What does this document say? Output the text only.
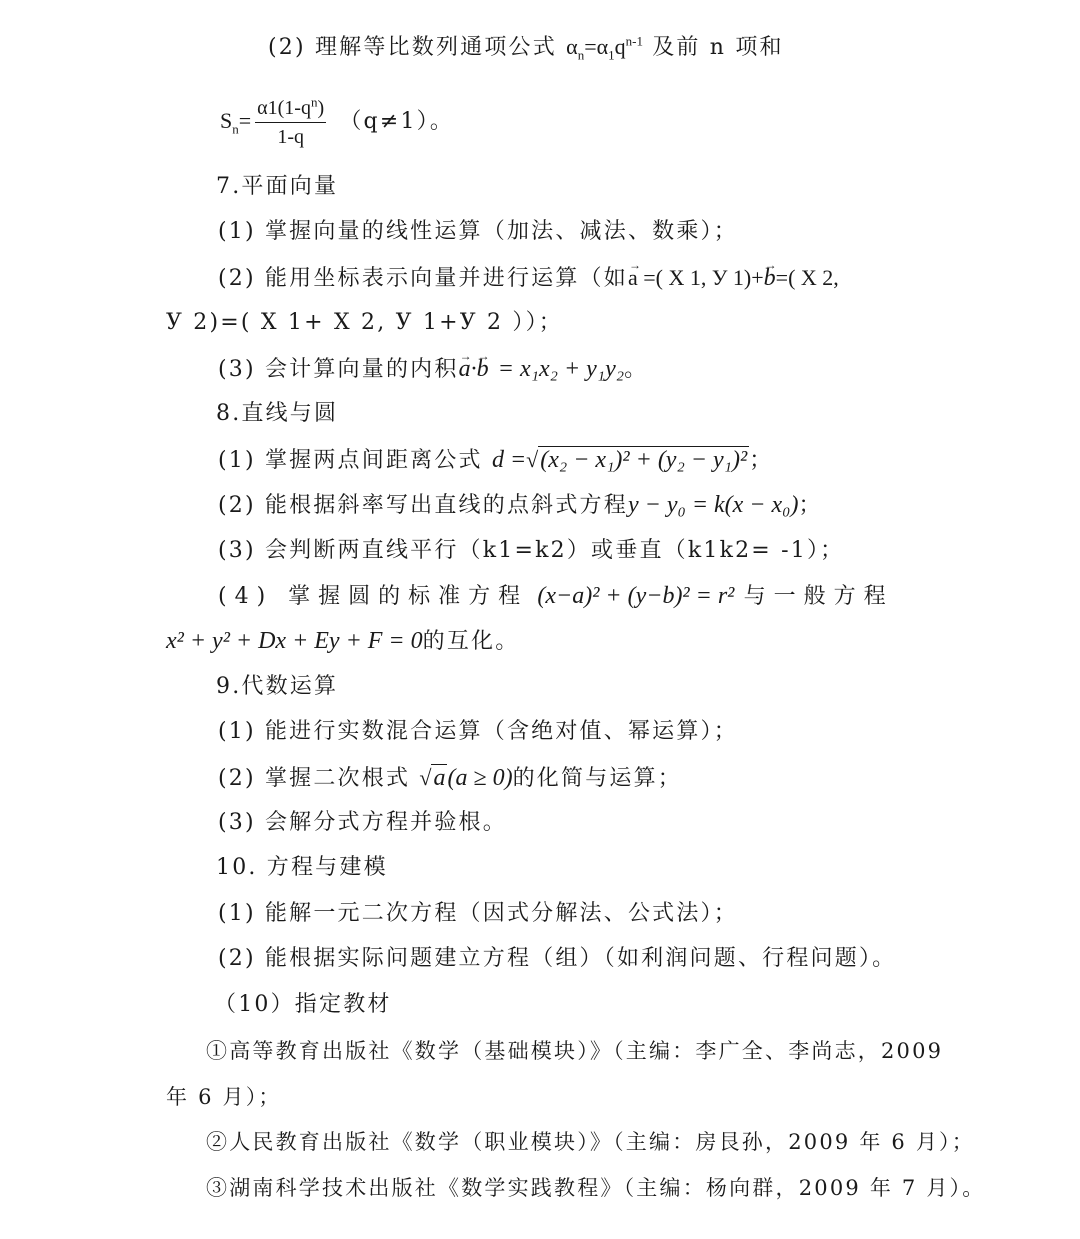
(2) 理解等比数列通项公式 $\alpha_n=\alpha_1q^{n-1}$ 及前 n 项和
$S_n= \frac{\alpha 1(1-q^n)}{1-q} (q\ne 1)$。
7.平面向量
(1) 掌握向量的线性运算（加法、减法、数乘）；
(2) 能用坐标表示向量并进行运算（如→ a =( X 1, У 1)+→ b=( X 2,
У 2)=( X 1+ X 2, У 1+У 2 ））；
(3) 会计算向量的内积→ a·→ b = x₁x₂ + y₁y₂。
8.直线与圆
(1) 掌握两点间距离公式 d =√(x₂ − x₁)² + (y₂ − y₁)²；
(2) 能根据斜率写出直线的点斜式方程y − y₀ = k(x − x₀)；
(3) 会判断两直线平行（k1=k2）或垂直（k1k2= -1）；
(4) 掌握圆的标准方程 (x−a)² + (y−b)² = r² 与一般方程
x² + y² + Dx + Ey + F = 0的互化。
9.代数运算
(1) 能进行实数混合运算（含绝对值、幂运算）；
(2) 掌握二次根式 √a(a ≥ 0)的化简与运算；
(3) 会解分式方程并验根。
10. 方程与建模
(1) 能解一元二次方程（因式分解法、公式法）；
(2) 能根据实际问题建立方程（组）（如利润问题、行程问题）。
（10）指定教材
①高等教育出版社《数学（基础模块）》（主编：李广全、李尚志，2009
年 6 月）；
②人民教育出版社《数学（职业模块）》（主编：房艮孙，2009 年 6 月）；
③湖南科学技术出版社《数学实践教程》（主编：杨向群，2009 年 7 月）。
